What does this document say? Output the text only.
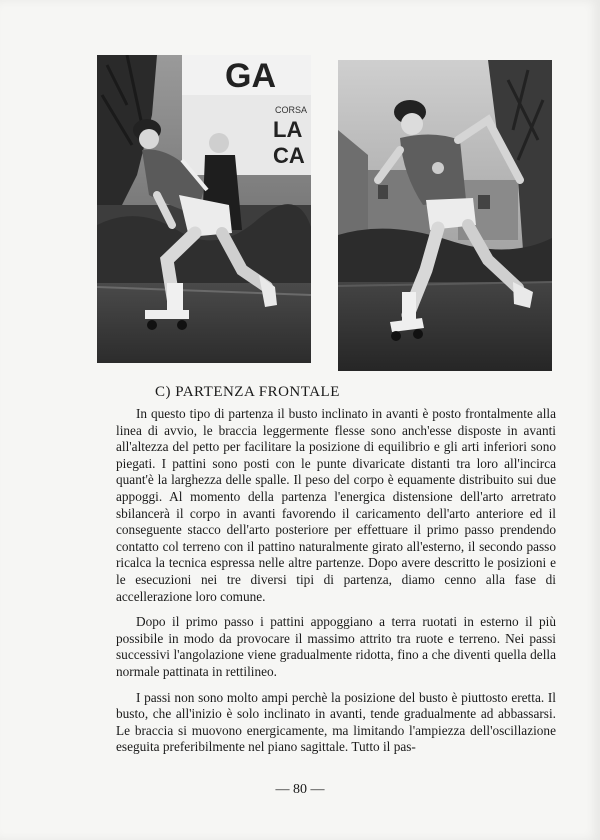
GA
CORSA
LA
CA
C) PARTENZA FRONTALE

In questo tipo di partenza il busto inclinato in avanti è posto frontalmente alla linea di avvio, le braccia leggermente flesse sono anch'esse disposte in avanti all'altezza del petto per facilitare la posizione di equilibrio e gli arti inferiori sono piegati. I pattini sono posti con le punte divaricate distanti tra loro all'incirca quant'è la larghezza delle spalle. Il peso del corpo è equamente distribuito sui due appoggi. Al momento della partenza l'energica distensione dell'arto arretrato sbilancerà il corpo in avanti favorendo il caricamento dell'arto anteriore ed il conseguente stacco dell'arto posteriore per effettuare il primo passo prendendo contatto col terreno con il pattino naturalmente girato all'esterno, il secondo passo ricalca la tecnica espressa nelle altre partenze. Dopo avere descritto le posizioni e le esecuzioni nei tre diversi tipi di partenza, diamo cenno alla fase di accellerazione loro comune.

Dopo il primo passo i pattini appoggiano a terra ruotati in esterno il più possibile in modo da provocare il massimo attrito tra ruote e terreno. Nei passi successivi l'angolazione viene gradualmente ridotta, fino a che diventi quella della normale pattinata in rettilineo.

I passi non sono molto ampi perchè la posizione del busto è piuttosto eretta. Il busto, che all'inizio è solo inclinato in avanti, tende gradualmente ad abbassarsi. Le braccia si muovono energicamente, ma limitando l'ampiezza dell'oscillazione eseguita preferibilmente nel piano sagittale. Tutto il pas-

— 80 —
